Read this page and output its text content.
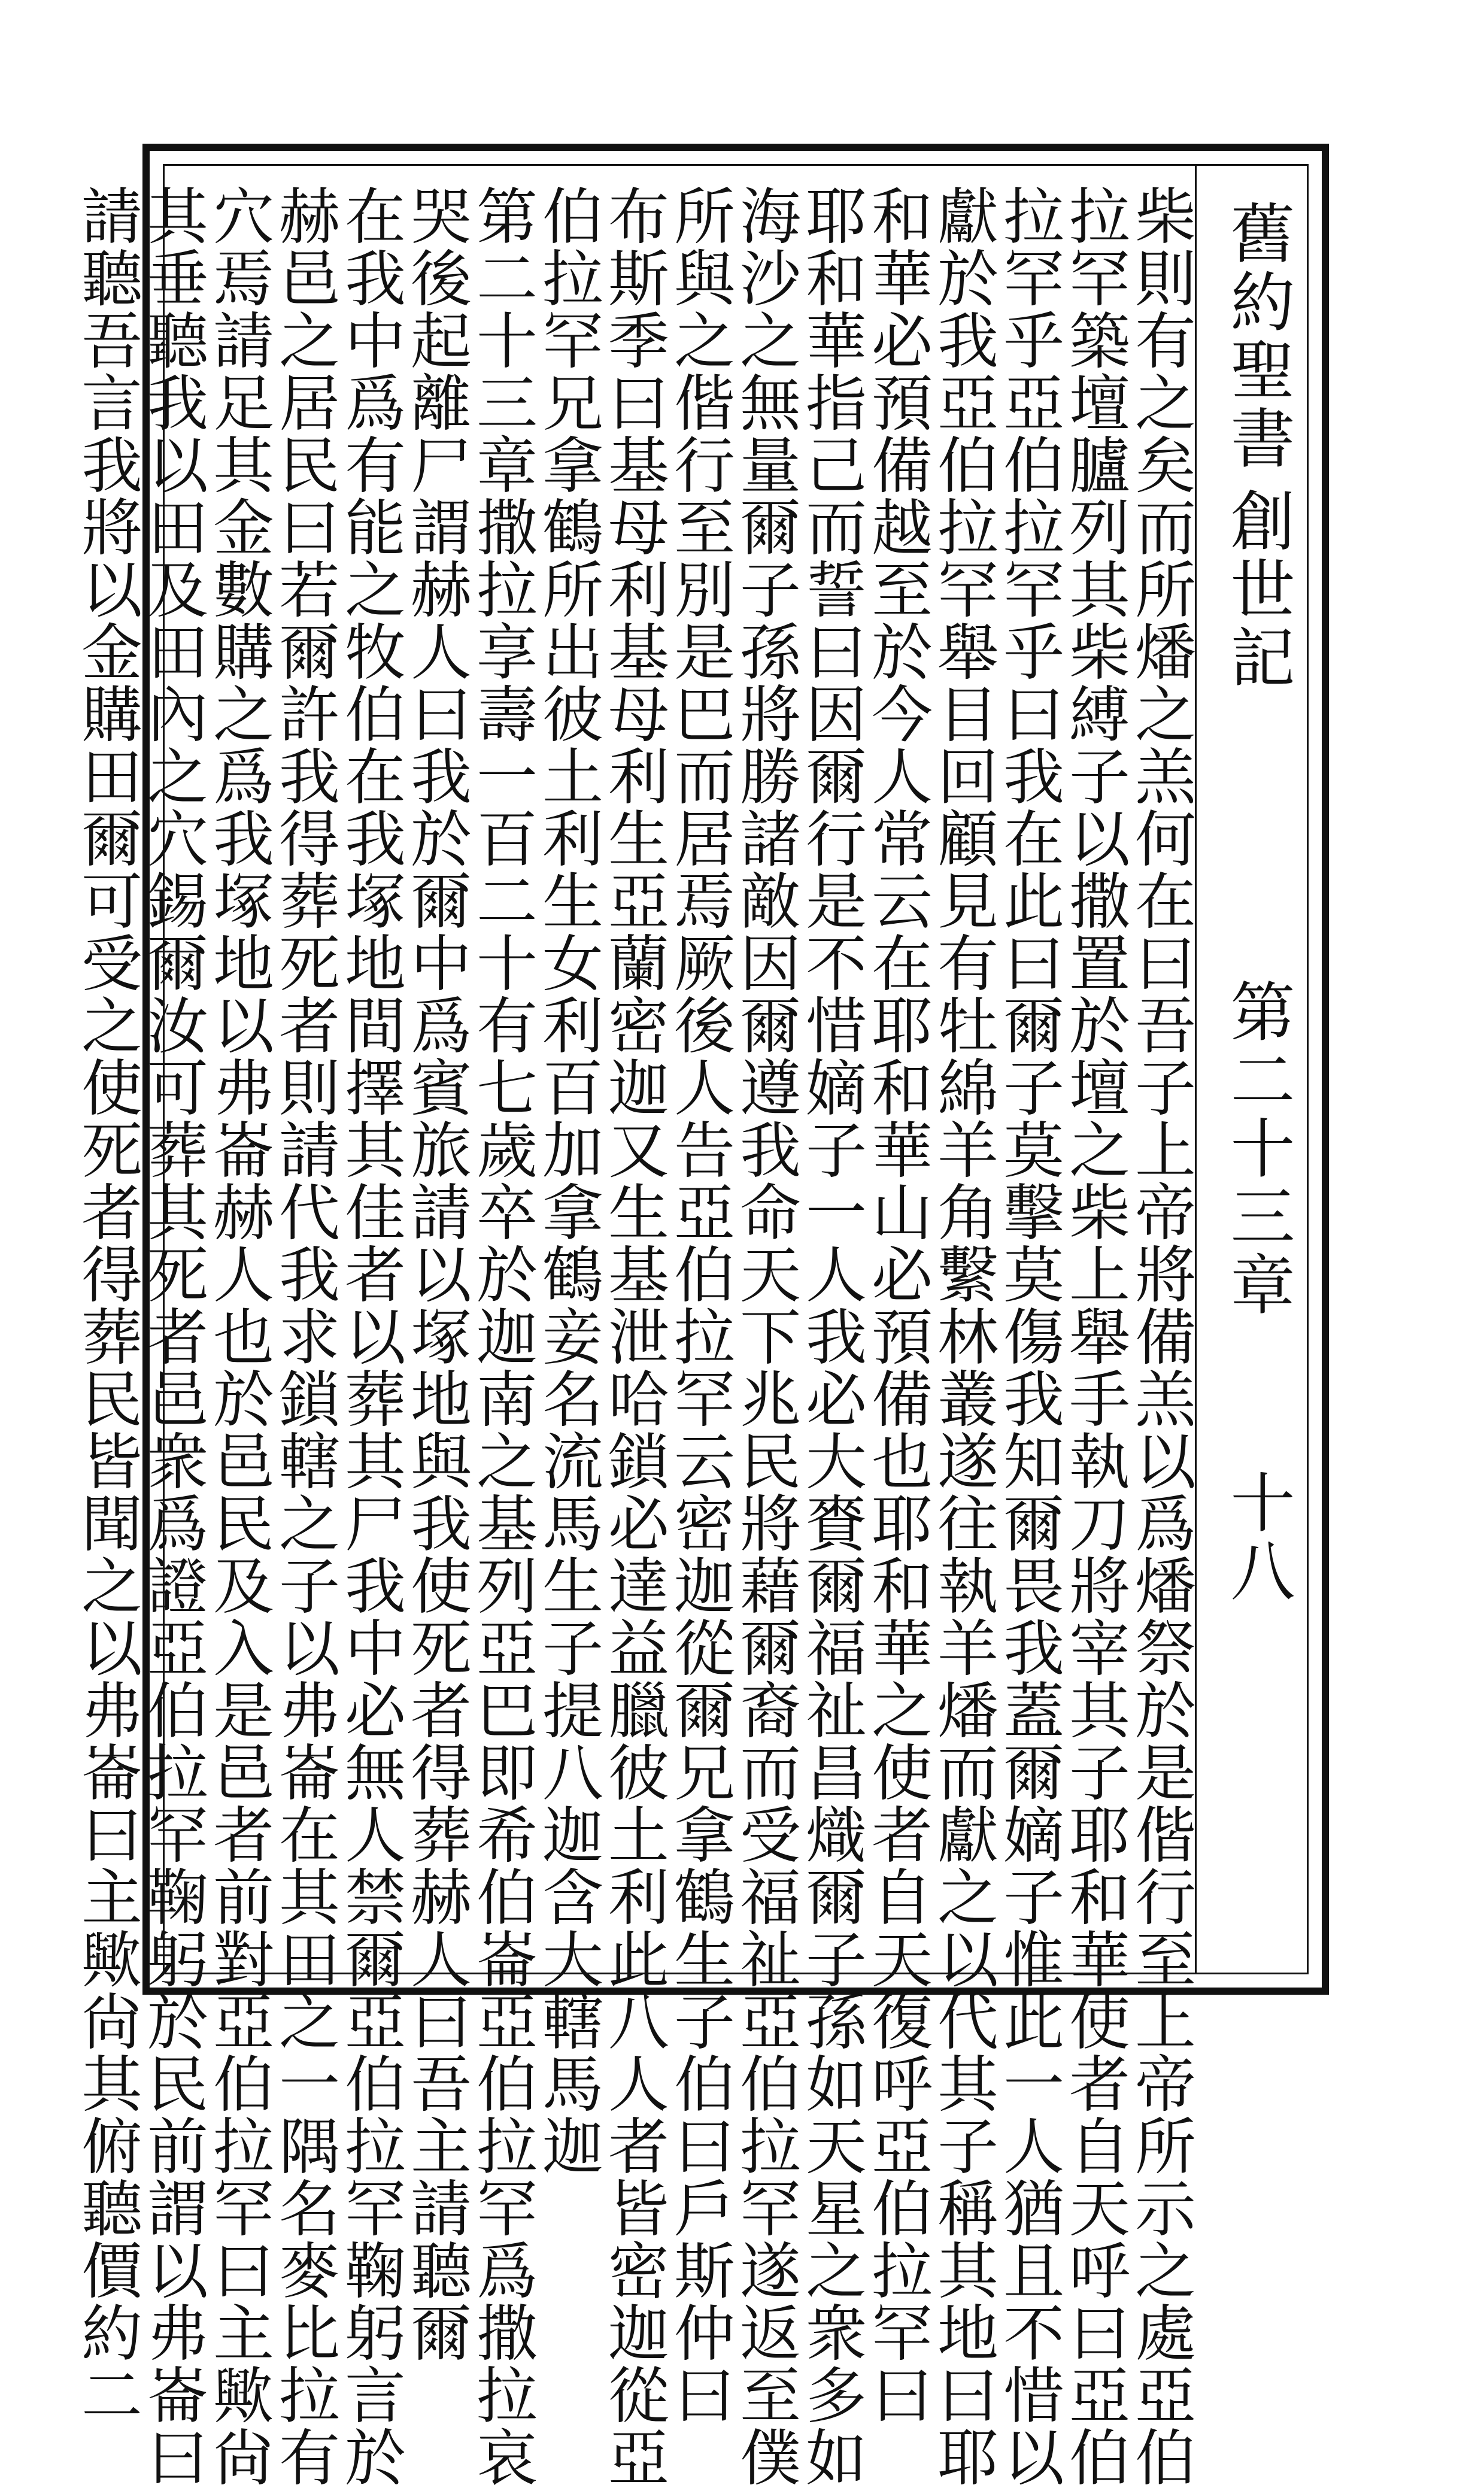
舊約聖書
創世記
第二十三章
十八
柴則有之矣而所燔之羔何在曰吾子上帝將備羔以爲燔祭於是偕行至上帝所示之處亞伯
拉罕築壇臚列其柴縛子以撒置於壇之柴上舉手執刀將宰其子耶和華使者自天呼曰亞伯
拉罕乎亞伯拉罕乎曰我在此曰爾子莫擊莫傷我知爾畏我蓋爾嫡子惟此一人猶且不惜以
獻於我亞伯拉罕舉目回顧見有牡綿羊角繫林叢遂往執羊燔而獻之以代其子稱其地曰耶
和華必預備越至於今人常云在耶和華山必預備也耶和華之使者自天復呼亞伯拉罕曰
耶和華指己而誓曰因爾行是不惜嫡子一人我必大賚爾福祉昌熾爾子孫如天星之衆多如
海沙之無量爾子孫將勝諸敵因爾遵我命天下兆民將藉爾裔而受福祉亞伯拉罕遂返至僕
所與之偕行至別是巴而居焉厥後人告亞伯拉罕云密迦從爾兄拿鶴生子伯曰戶斯仲曰
布斯季曰基母利基母利生亞蘭密迦又生基泄哈鎖必達益臘彼土利此八人者皆密迦從亞
伯拉罕兄拿鶴所出彼土利生女利百加拿鶴妾名流馬生子提八迦含大轄馬迦
第二十三章撒拉享壽一百二十有七歲卒於迦南之基列亞巴即希伯崙亞伯拉罕爲撒拉哀
哭後起離尸謂赫人曰我於爾中爲賓旅請以塚地與我使死者得葬赫人曰吾主請聽爾
在我中爲有能之牧伯在我塚地間擇其佳者以葬其尸我中必無人禁爾亞伯拉罕鞠躬言於
赫邑之居民曰若爾許我得葬死者則請代我求鎖轄之子以弗崙在其田之一隅名麥比拉有
穴焉請足其金數購之爲我塚地以弗崙赫人也於邑民及入是邑者前對亞伯拉罕曰主歟尙
其垂聽我以田及田內之穴錫爾汝可葬其死者邑衆爲證亞伯拉罕鞠躬於民前謂以弗崙曰
請聽吾言我將以金購田爾可受之使死者得葬民皆聞之以弗崙曰主歟尙其俯聽價約二
